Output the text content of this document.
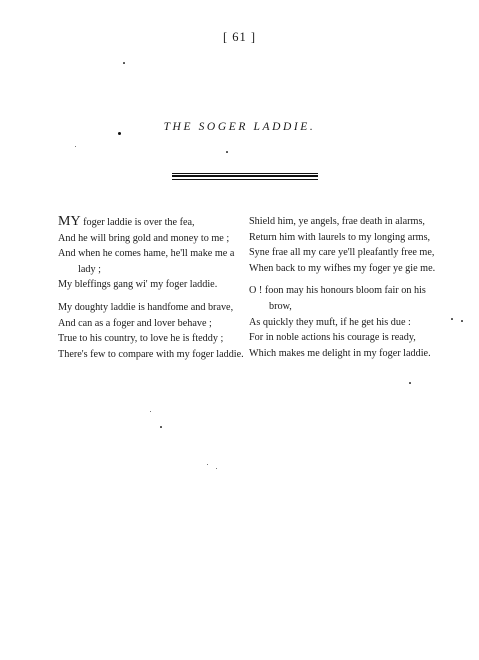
[ 61 ]
THE SOGER LADDIE.
MY foger laddie is over the fea,
And he will bring gold and money to me ;
And when he comes hame, he'll make me a
lady ;
My bleffings gang wi' my foger laddie.
My doughty laddie is handfome and brave,
And can as a foger and lover behave ;
True to his country, to love he is fteddy ;
There's few to compare with my foger laddie.
Shield him, ye angels, frae death in alarms,
Return him with laurels to my longing arms,
Syne frae all my care ye'll pleafantly free me,
When back to my wifhes my foger ye gie me.
O ! foon may his honours bloom fair on his
brow,
As quickly they muft, if he get his due :
For in noble actions his courage is ready,
Which makes me delight in my foger laddie.
